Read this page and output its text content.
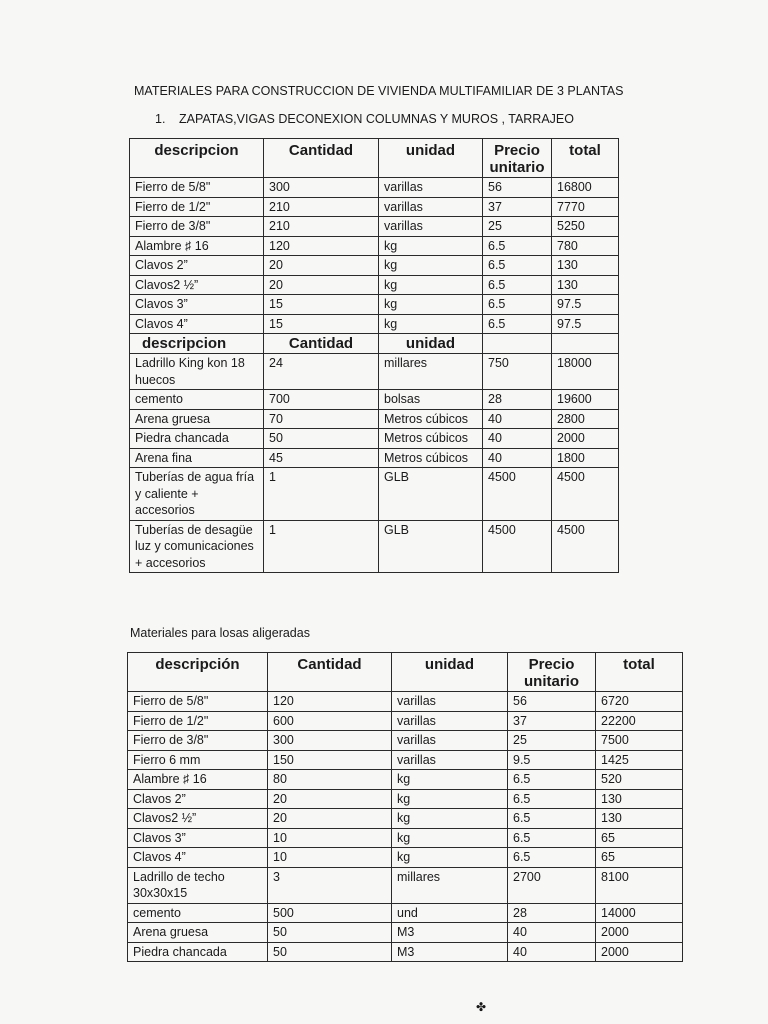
MATERIALES PARA CONSTRUCCION DE VIVIENDA MULTIFAMILIAR DE 3 PLANTAS
1. ZAPATAS,VIGAS DECONEXION COLUMNAS Y MUROS , TARRAJEO
descripcion	Cantidad	unidad	Precio unitario	total
Fierro de 5/8"	300	varillas	56	16800
Fierro de 1/2"	210	varillas	37	7770
Fierro de 3/8"	210	varillas	25	5250
Alambre ♯ 16	120	kg	6.5	780
Clavos 2”	20	kg	6.5	130
Clavos2 ½”	20	kg	6.5	130
Clavos 3”	15	kg	6.5	97.5
Clavos 4”	15	kg	6.5	97.5
descripcion	Cantidad	unidad		
Ladrillo King kon 18 huecos	24	millares	750	18000
cemento	700	bolsas	28	19600
Arena gruesa	70	Metros cúbicos	40	2800
Piedra chancada	50	Metros cúbicos	40	2000
Arena fina	45	Metros cúbicos	40	1800
Tuberías de agua fría y caliente + accesorios	1	GLB	4500	4500
Tuberías de desagüe luz y comunicaciones + accesorios	1	GLB	4500	4500
Materiales para losas aligeradas
descripción	Cantidad	unidad	Precio unitario	total
Fierro de 5/8"	120	varillas	56	6720
Fierro de 1/2"	600	varillas	37	22200
Fierro de 3/8"	300	varillas	25	7500
Fierro 6 mm	150	varillas	9.5	1425
Alambre ♯ 16	80	kg	6.5	520
Clavos 2”	20	kg	6.5	130
Clavos2 ½”	20	kg	6.5	130
Clavos 3”	10	kg	6.5	65
Clavos 4”	10	kg	6.5	65
Ladrillo de techo 30x30x15	3	millares	2700	8100
cemento	500	und	28	14000
Arena gruesa	50	M3	40	2000
Piedra chancada	50	M3	40	2000
✤
